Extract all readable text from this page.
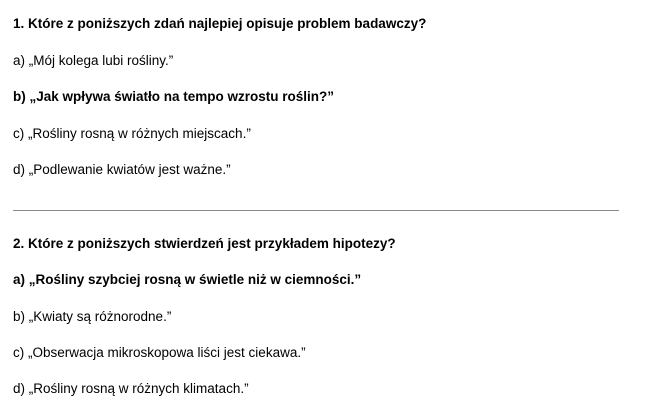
1. Które z poniższych zdań najlepiej opisuje problem badawczy?
a) „Mój kolega lubi rośliny.”
b) „Jak wpływa światło na tempo wzrostu roślin?”
c) „Rośliny rosną w różnych miejscach.”
d) „Podlewanie kwiatów jest ważne.”
2. Które z poniższych stwierdzeń jest przykładem hipotezy?
a) „Rośliny szybciej rosną w świetle niż w ciemności.”
b) „Kwiaty są różnorodne.”
c) „Obserwacja mikroskopowa liści jest ciekawa.”
d) „Rośliny rosną w różnych klimatach.”
